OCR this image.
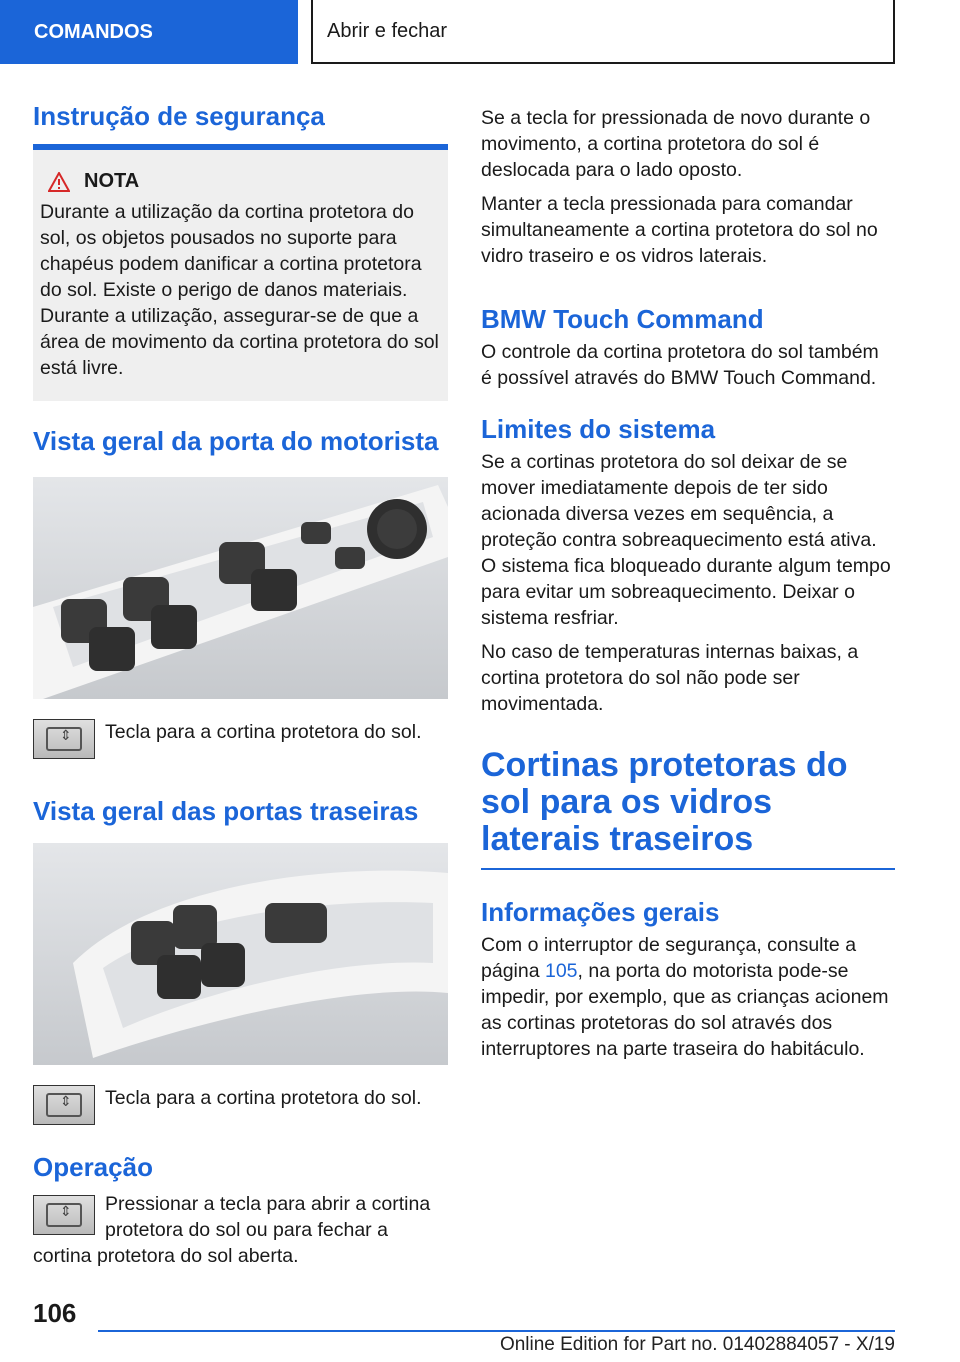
COMANDOS	Abrir e fechar
Instrução de segurança
NOTA

Durante a utilização da cortina protetora do sol, os objetos pousados no suporte para chapéus podem danificar a cortina protetora do sol. Existe o perigo de danos materiais. Durante a utilização, assegurar-se de que a área de movimento da cortina protetora do sol está livre.

Vista geral da porta do motorista
⇕

Tecla para a cortina protetora do sol.

Vista geral das portas traseiras
⇕

Tecla para a cortina protetora do sol.

Operação
⇕

Pressionar a tecla para abrir a cortina protetora do sol ou para fechar a cortina protetora do sol aberta.

Se a tecla for pressionada de novo durante o movimento, a cortina protetora do sol é deslocada para o lado oposto.

Manter a tecla pressionada para comandar simultaneamente a cortina protetora do sol no vidro traseiro e os vidros laterais.

BMW Touch Command

O controle da cortina protetora do sol também é possível através do BMW Touch Command.

Limites do sistema

Se a cortinas protetora do sol deixar de se mover imediatamente depois de ter sido acionada diversa vezes em sequência, a proteção contra sobreaquecimento está ativa. O sistema fica bloqueado durante algum tempo para evitar um sobreaquecimento. Deixar o sistema resfriar.

No caso de temperaturas internas baixas, a cortina protetora do sol não pode ser movimentada.

Cortinas protetoras do sol para os vidros laterais traseiros
Informações gerais

Com o interruptor de segurança, consulte a página 105, na porta do motorista pode-se impedir, por exemplo, que as crianças acionem as cortinas protetoras do sol através dos interruptores na parte traseira do habitáculo.

106
Online Edition for Part no. 01402884057 - X/19
